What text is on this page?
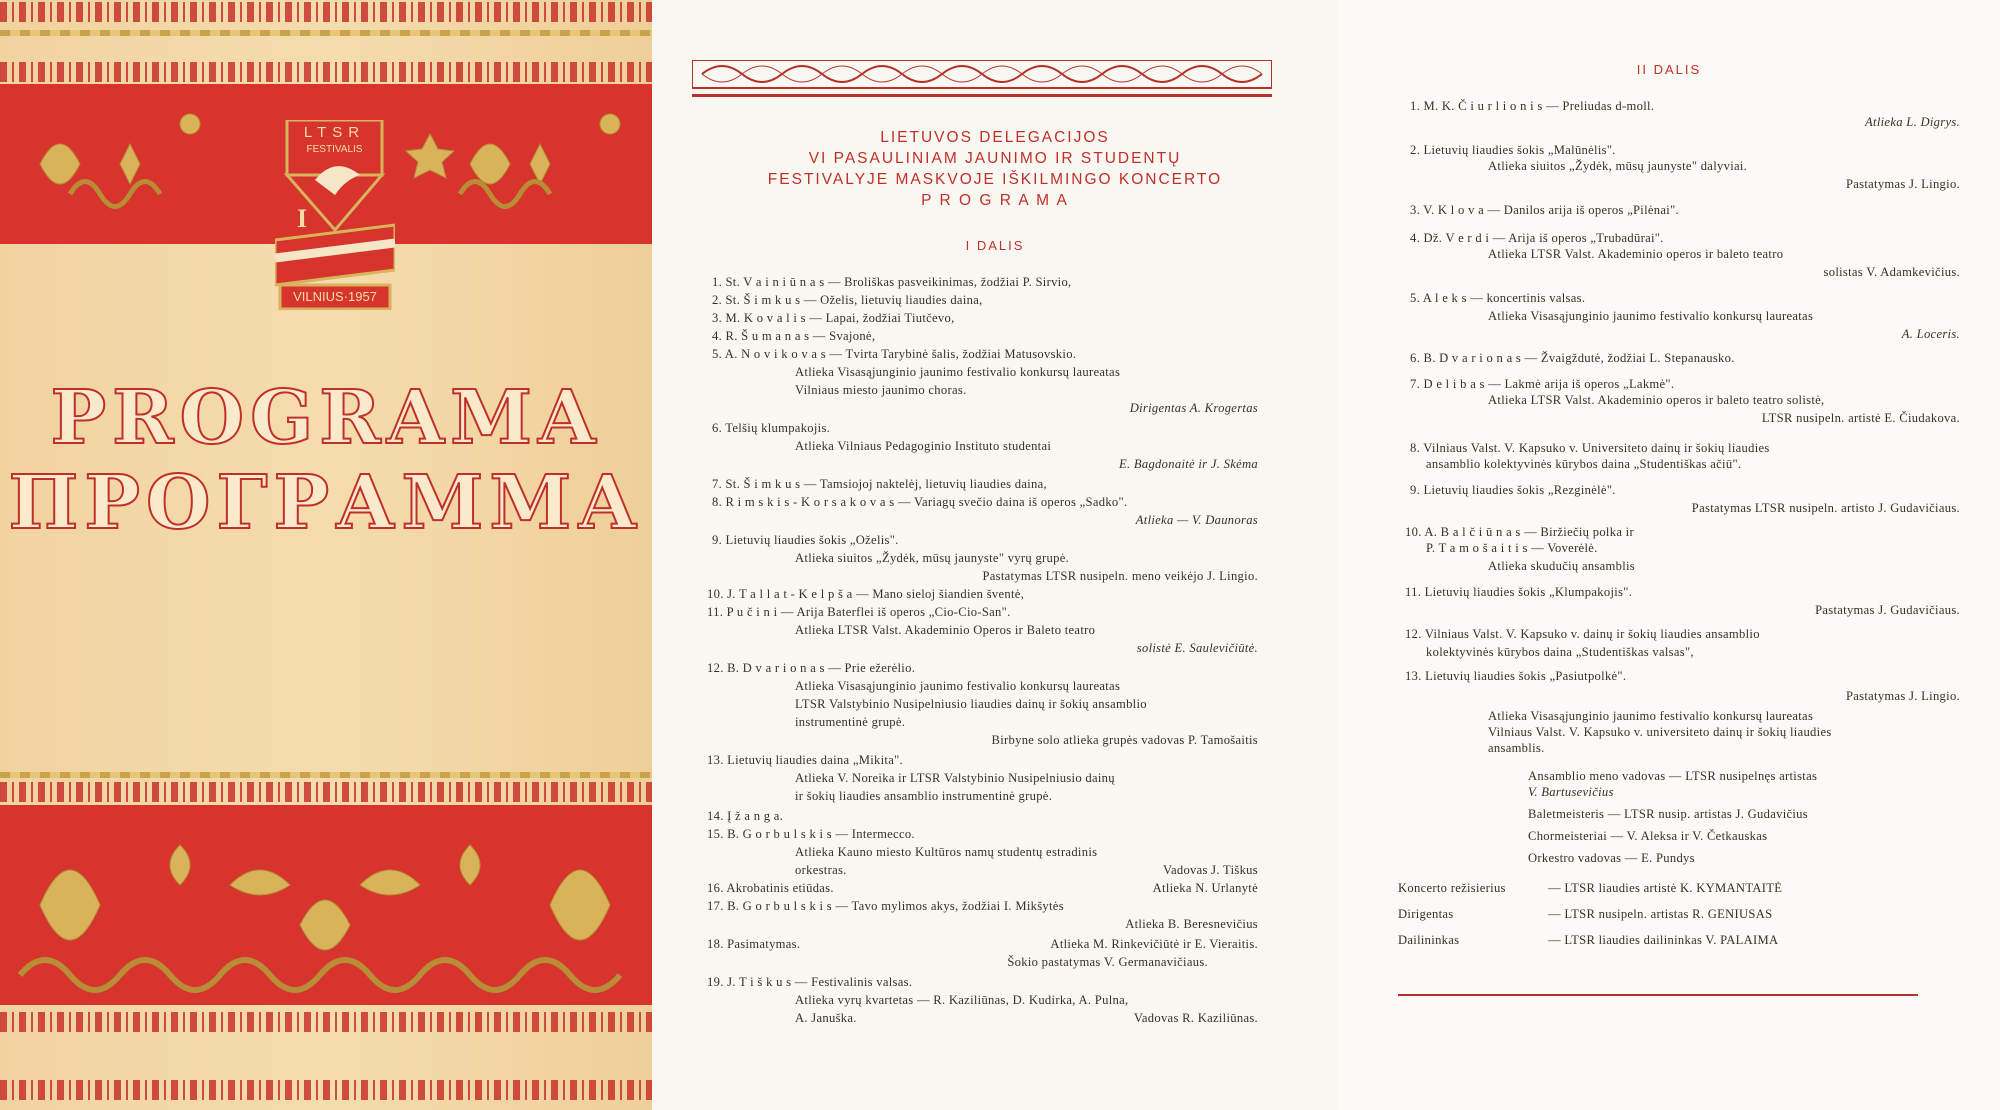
LTSR
FESTIVALIS
I
VILNIUS·1957
PROGRAMA
ПРОГРАММА
LIETUVOS DELEGACIJOS
VI PASAULINIAM JAUNIMO IR STUDENTŲ
FESTIVALYJE MASKVOJE IŠKILMINGO KONCERTO
P R O G R A M A
I DALIS
1. St. V a i n i ū n a s — Broliškas pasveikinimas, žodžiai P. Sirvio,
2. St. Š i m k u s — Oželis, lietuvių liaudies daina,
3. M. K o v a l i s — Lapai, žodžiai Tiutčevo,
4. R. Š u m a n a s — Svajonė,
5. A. N o v i k o v a s — Tvirta Tarybinė šalis, žodžiai Matusovskio.
Atlieka Visasąjunginio jaunimo festivalio konkursų laureatas
Vilniaus miesto jaunimo choras.
Dirigentas A. Krogertas
6. Telšių klumpakojis.
Atlieka Vilniaus Pedagoginio Instituto studentai
E. Bagdonaitė ir J. Skėma
7. St. Š i m k u s — Tamsiojoj naktelėj, lietuvių liaudies daina,
8. R i m s k i s - K o r s a k o v a s — Variagų svečio daina iš operos „Sadko".
Atlieka — V. Daunoras
9. Lietuvių liaudies šokis „Oželis".
Atlieka siuitos „Žydėk, mūsų jaunyste" vyrų grupė.
Pastatymas LTSR nusipeln. meno veikėjo J. Lingio.
10. J. T a l l a t - K e l p š a — Mano sieloj šiandien šventė,
11. P u č i n i — Arija Baterflei iš operos „Cio-Cio-San".
Atlieka LTSR Valst. Akademinio Operos ir Baleto teatro
solistė E. Saulevičiūtė.
12. B. D v a r i o n a s — Prie ežerėlio.
Atlieka Visasąjunginio jaunimo festivalio konkursų laureatas
LTSR Valstybinio Nusipelniusio liaudies dainų ir šokių ansamblio
instrumentinė grupė.
Birbyne solo atlieka grupės vadovas P. Tamošaitis
13. Lietuvių liaudies daina „Mikita".
Atlieka V. Noreika ir LTSR Valstybinio Nusipelniusio dainų
ir šokių liaudies ansamblio instrumentinė grupė.
14. Į ž a n g a.
15. B. G o r b u l s k i s — Intermecco.
Atlieka Kauno miesto Kultūros namų studentų estradinis
orkestras.	Vadovas J. Tiškus
16. Akrobatinis etiūdas.	Atlieka N. Urlanytė
17. B. G o r b u l s k i s — Tavo mylimos akys, žodžiai I. Mikšytės
Atlieka B. Beresnevičius
18. Pasimatymas.	Atlieka M. Rinkevičiūtė ir E. Vieraitis.
Šokio pastatymas V. Germanavičiaus.
19. J. T i š k u s — Festivalinis valsas.
Atlieka vyrų kvartetas — R. Kaziliūnas, D. Kudirka, A. Pulna,
A. Januška.	Vadovas R. Kaziliūnas.
II DALIS
1. M. K. Č i u r l i o n i s — Preliudas d-moll.
Atlieka L. Digrys.
2. Lietuvių liaudies šokis „Malūnėlis".
Atlieka siuitos „Žydėk, mūsų jaunyste" dalyviai.
Pastatymas J. Lingio.
3. V. K l o v a — Danilos arija iš operos „Pilėnai".
4. Dž. V e r d i — Arija iš operos „Trubadūrai".
Atlieka LTSR Valst. Akademinio operos ir baleto teatro
solistas V. Adamkevičius.
5. A l e k s — koncertinis valsas.
Atlieka Visasąjunginio jaunimo festivalio konkursų laureatas
A. Loceris.
6. B. D v a r i o n a s — Žvaigždutė, žodžiai L. Stepanausko.
7. D e l i b a s — Lakmė arija iš operos „Lakmė".
Atlieka LTSR Valst. Akademinio operos ir baleto teatro solistė,
LTSR nusipeln. artistė E. Čiudakova.
8. Vilniaus Valst. V. Kapsuko v. Universiteto dainų ir šokių liaudies
ansamblio kolektyvinės kūrybos daina „Studentiškas ačiū".
9. Lietuvių liaudies šokis „Rezginėlė".
Pastatymas LTSR nusipeln. artisto J. Gudavičiaus.
10. A. B a l č i ū n a s — Biržiečių polka ir
P. T a m o š a i t i s — Voverėlė.
Atlieka skudučių ansamblis
11. Lietuvių liaudies šokis „Klumpakojis".
Pastatymas J. Gudavičiaus.
12. Vilniaus Valst. V. Kapsuko v. dainų ir šokių liaudies ansamblio
kolektyvinės kūrybos daina „Studentiškas valsas",
13. Lietuvių liaudies šokis „Pasiutpolkė".
Pastatymas J. Lingio.
Atlieka Visasąjunginio jaunimo festivalio konkursų laureatas
Vilniaus Valst. V. Kapsuko v. universiteto dainų ir šokių liaudies
ansamblis.
Ansamblio meno vadovas — LTSR nusipelnęs artistas
V. Bartusevičius
Baletmeisteris — LTSR nusip. artistas J. Gudavičius
Chormeisteriai — V. Aleksa ir V. Četkauskas
Orkestro vadovas — E. Pundys
Koncerto režisierius	— LTSR liaudies artistė K. KYMANTAITĖ
Dirigentas	— LTSR nusipeln. artistas R. GENIUSAS
Dailininkas	— LTSR liaudies dailininkas V. PALAIMA
